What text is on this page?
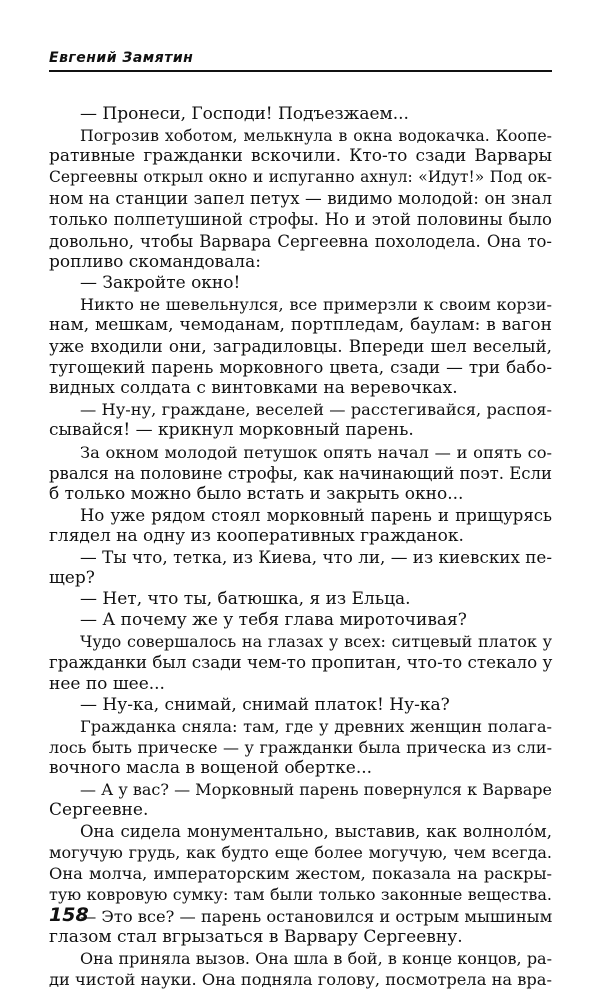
Евгений Замятин
— Пронеси, Господи! Подъезжаем...
Погрозив хоботом, мелькнула в окна водокачка. Коопе-
ративные гражданки вскочили. Кто-то сзади Варвары
Сергеевны открыл окно и испуганно ахнул: «Идут!» Под ок-
ном на станции запел петух — видимо молодой: он знал
только полпетушиной строфы. Но и этой половины было
довольно, чтобы Варвара Сергеевна похолодела. Она то-
ропливо скомандовала:
— Закройте окно!
Никто не шевельнулся, все примерзли к своим корзи-
нам, мешкам, чемоданам, портпледам, баулам: в вагон
уже входили они, заградиловцы. Впереди шел веселый,
тугощекий парень морковного цвета, сзади — три бабо-
видных солдата с винтовками на веревочках.
— Ну-ну, граждане, веселей — расстегивайся, распоя-
сывайся! — крикнул морковный парень.
За окном молодой петушок опять начал — и опять со-
рвался на половине строфы, как начинающий поэт. Если
б только можно было встать и закрыть окно...
Но уже рядом стоял морковный парень и прищурясь
глядел на одну из кооперативных гражданок.
— Ты что, тетка, из Киева, что ли, — из киевских пе-
щер?
— Нет, что ты, батюшка, я из Ельца.
— А почему же у тебя глава мироточивая?
Чудо совершалось на глазах у всех: ситцевый платок у
гражданки был сзади чем-то пропитан, что-то стекало у
нее по шее...
— Ну-ка, снимай, снимай платок! Ну-ка?
Гражданка сняла: там, где у древних женщин полага-
лось быть прическе — у гражданки была прическа из сли-
вочного масла в вощеной обертке...
— А у вас? — Морковный парень повернулся к Варваре
Сергеевне.
Она сидела монументально, выставив, как волноло́м,
могучую грудь, как будто еще более могучую, чем всегда.
Она молча, императорским жестом, показала на раскры-
тую ковровую сумку: там были только законные вещества.
— Это все? — парень остановился и острым мышиным
глазом стал вгрызаться в Варвару Сергеевну.
Она приняла вызов. Она шла в бой, в конце концов, ра-
ди чистой науки. Она подняла голову, посмотрела на вра-
158
